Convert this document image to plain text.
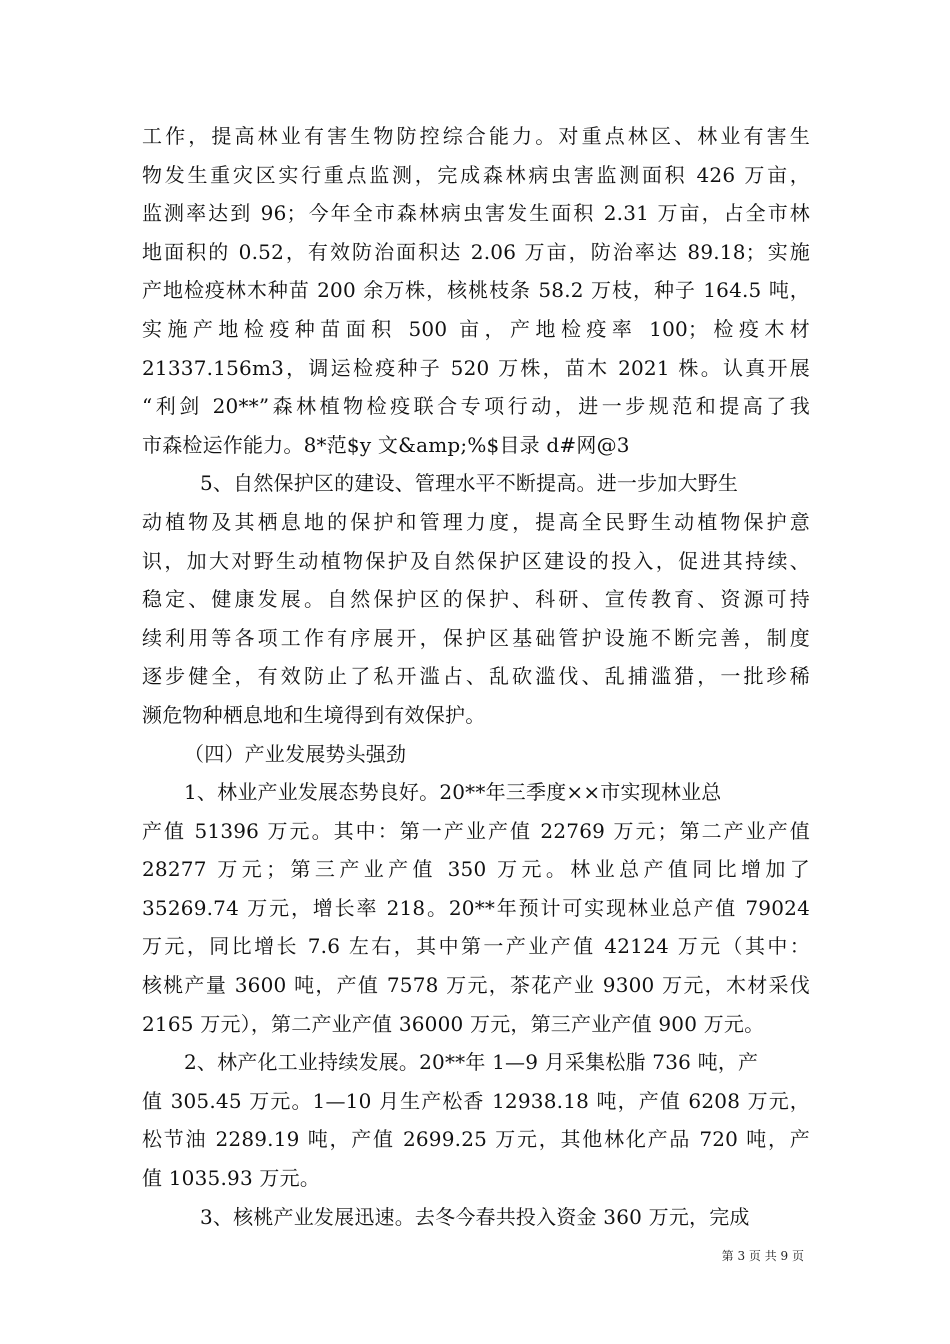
工作，提高林业有害生物防控综合能力。对重点林区、林业有害生
物发生重灾区实行重点监测，完成森林病虫害监测面积 426 万亩，
监测率达到 96；今年全市森林病虫害发生面积 2.31 万亩，占全市林
地面积的 0.52，有效防治面积达 2.06 万亩，防治率达 89.18；实施
产地检疫林木种苗 200 余万株，核桃枝条 58.2 万枝，种子 164.5 吨，
实施产地检疫种苗面积 500 亩，产地检疫率 100；检疫木材
21337.156m3，调运检疫种子 520 万株，苗木 2021 株。认真开展
“利剑 20**”森林植物检疫联合专项行动，进一步规范和提高了我
市森检运作能力。8*范$y 文&amp;%$目录 d#网@3
5、自然保护区的建设、管理水平不断提高。进一步加大野生
动植物及其栖息地的保护和管理力度，提高全民野生动植物保护意
识，加大对野生动植物保护及自然保护区建设的投入，促进其持续、
稳定、健康发展。自然保护区的保护、科研、宣传教育、资源可持
续利用等各项工作有序展开，保护区基础管护设施不断完善，制度
逐步健全，有效防止了私开滥占、乱砍滥伐、乱捕滥猎，一批珍稀
濒危物种栖息地和生境得到有效保护。
（四）产业发展势头强劲
1、林业产业发展态势良好。20**年三季度××市实现林业总
产值 51396 万元。其中：第一产业产值 22769 万元；第二产业产值
28277 万元；第三产业产值 350 万元。林业总产值同比增加了
35269.74 万元，增长率 218。20**年预计可实现林业总产值 79024
万元，同比增长 7.6 左右，其中第一产业产值 42124 万元（其中：
核桃产量 3600 吨，产值 7578 万元，茶花产业 9300 万元，木材采伐
2165 万元），第二产业产值 36000 万元，第三产业产值 900 万元。
2、林产化工业持续发展。20**年 1—9 月采集松脂 736 吨，产
值 305.45 万元。1—10 月生产松香 12938.18 吨，产值 6208 万元，
松节油 2289.19 吨，产值 2699.25 万元，其他林化产品 720 吨，产
值 1035.93 万元。
3、核桃产业发展迅速。去冬今春共投入资金 360 万元，完成
第 3 页 共 9 页
